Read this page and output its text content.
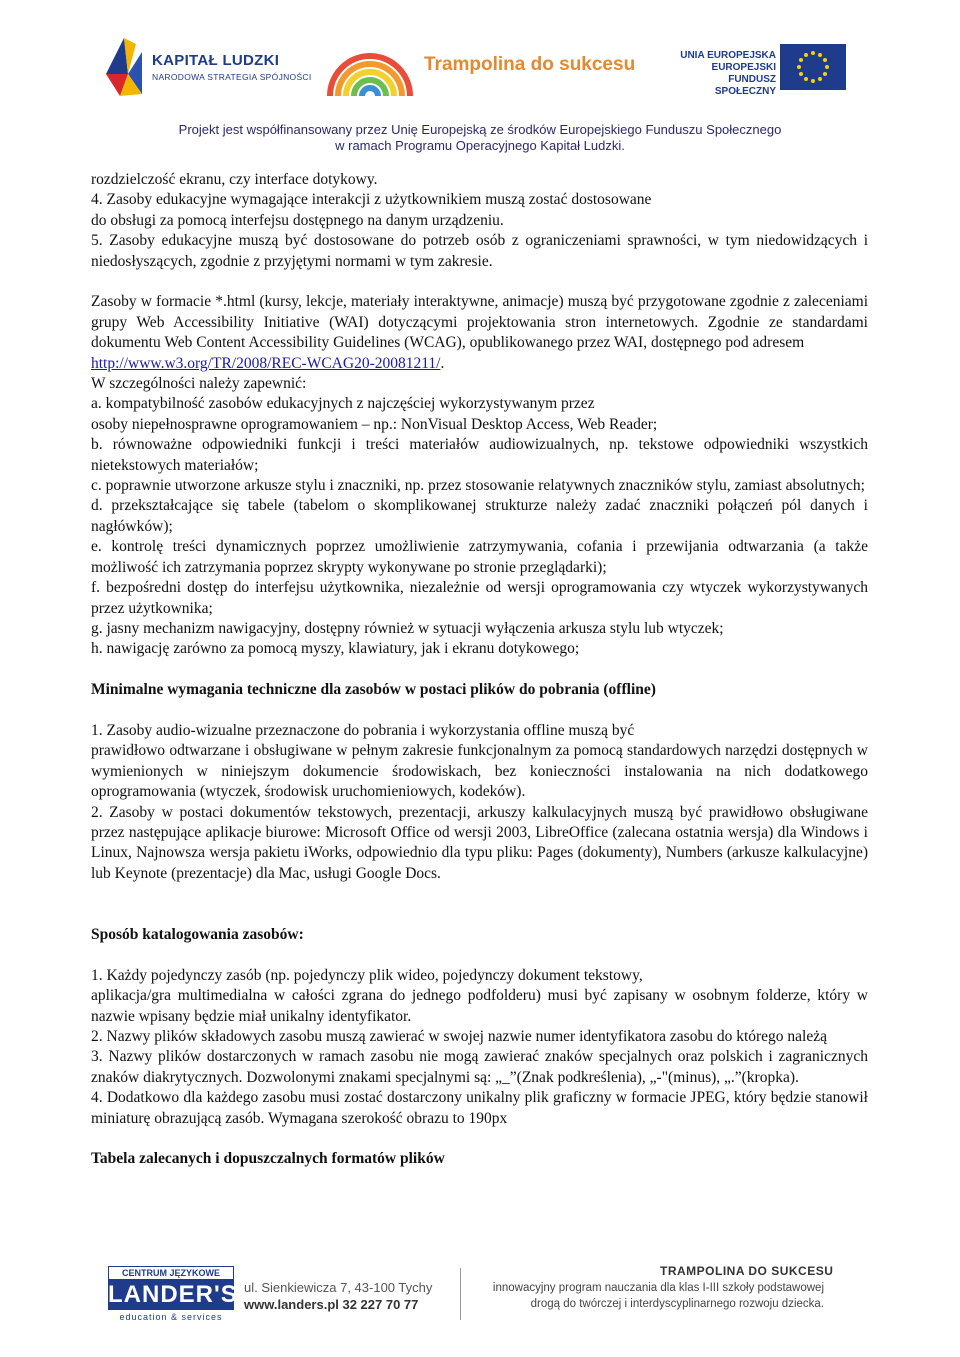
KAPITAŁ LUDZKI
NARODOWA STRATEGIA SPÓJNOŚCI
Trampolina do sukcesu	UNIA EUROPEJSKA
EUROPEJSKI
FUNDUSZ SPOŁECZNY
Projekt jest współfinansowany przez Unię Europejską ze środków Europejskiego Funduszu Społecznego
w ramach Programu Operacyjnego Kapitał Ludzki.

rozdzielczość ekranu, czy interface dotykowy.

4. Zasoby edukacyjne wymagające interakcji z użytkownikiem muszą zostać dostosowane

do obsługi za pomocą interfejsu dostępnego na danym urządzeniu.

5. Zasoby edukacyjne muszą być dostosowane do potrzeb osób z ograniczeniami sprawności, w tym niedowidzących i niedosłyszących, zgodnie z przyjętymi normami w tym zakresie.

Zasoby w formacie *.html (kursy, lekcje, materiały interaktywne, animacje) muszą być przygotowane zgodnie z zaleceniami grupy Web Accessibility Initiative (WAI) dotyczącymi projektowania stron internetowych. Zgodnie ze standardami dokumentu Web Content Accessibility Guidelines (WCAG), opublikowanego przez WAI, dostępnego pod adresem

http://www.w3.org/TR/2008/REC-WCAG20-20081211/.

W szczególności należy zapewnić:

a. kompatybilność zasobów edukacyjnych z najczęściej wykorzystywanym przez

osoby niepełnosprawne oprogramowaniem – np.: NonVisual Desktop Access, Web Reader;

b. równoważne odpowiedniki funkcji i treści materiałów audiowizualnych, np. tekstowe odpowiedniki wszystkich nietekstowych materiałów;

c. poprawnie utworzone arkusze stylu i znaczniki, np. przez stosowanie relatywnych znaczników stylu, zamiast absolutnych;

d. przekształcające się tabele (tabelom o skomplikowanej strukturze należy zadać znaczniki połączeń pól danych i nagłówków);

e. kontrolę treści dynamicznych poprzez umożliwienie zatrzymywania, cofania i przewijania odtwarzania (a także możliwość ich zatrzymania poprzez skrypty wykonywane po stronie przeglądarki);

f. bezpośredni dostęp do interfejsu użytkownika, niezależnie od wersji oprogramowania czy wtyczek wykorzystywanych przez użytkownika;

g. jasny mechanizm nawigacyjny, dostępny również w sytuacji wyłączenia arkusza stylu lub wtyczek;

h. nawigację zarówno za pomocą myszy, klawiatury, jak i ekranu dotykowego;

Minimalne wymagania techniczne dla zasobów w postaci plików do pobrania (offline)

1. Zasoby audio-wizualne przeznaczone do pobrania i wykorzystania offline muszą być

prawidłowo odtwarzane i obsługiwane w pełnym zakresie funkcjonalnym za pomocą standardowych narzędzi dostępnych w wymienionych w niniejszym dokumencie środowiskach, bez konieczności instalowania na nich dodatkowego oprogramowania (wtyczek, środowisk uruchomieniowych, kodeków).

2. Zasoby w postaci dokumentów tekstowych, prezentacji, arkuszy kalkulacyjnych muszą być prawidłowo obsługiwane przez następujące aplikacje biurowe: Microsoft Office od wersji 2003, LibreOffice (zalecana ostatnia wersja) dla Windows i Linux, Najnowsza wersja pakietu iWorks, odpowiednio dla typu pliku: Pages (dokumenty), Numbers (arkusze kalkulacyjne) lub Keynote (prezentacje) dla Mac, usługi Google Docs.

Sposób katalogowania zasobów:

1. Każdy pojedynczy zasób (np. pojedynczy plik wideo, pojedynczy dokument tekstowy,

aplikacja/gra multimedialna w całości zgrana do jednego podfolderu) musi być zapisany w osobnym folderze, który w nazwie wpisany będzie miał unikalny identyfikator.

2. Nazwy plików składowych zasobu muszą zawierać w swojej nazwie numer identyfikatora zasobu do którego należą

3. Nazwy plików dostarczonych w ramach zasobu nie mogą zawierać znaków specjalnych oraz polskich i zagranicznych znaków diakrytycznych. Dozwolonymi znakami specjalnymi są: „_”(Znak podkreślenia), „-"(minus), „.”(kropka).

4. Dodatkowo dla każdego zasobu musi zostać dostarczony unikalny plik graficzny w formacie JPEG, który będzie stanowił miniaturę obrazującą zasób. Wymagana szerokość obrazu to 190px

Tabela zalecanych i dopuszczalnych formatów plików

CENTRUM JĘZYKOWE
LANDER'S
education & services
ul. Sienkiewicza 7, 43-100 Tychy
www.landers.pl 32 227 70 77
TRAMPOLINA DO SUKCESU
innowacyjny program nauczania dla klas I-III szkoły podstawowej
drogą do twórczej i interdyscyplinarnego rozwoju dziecka.
